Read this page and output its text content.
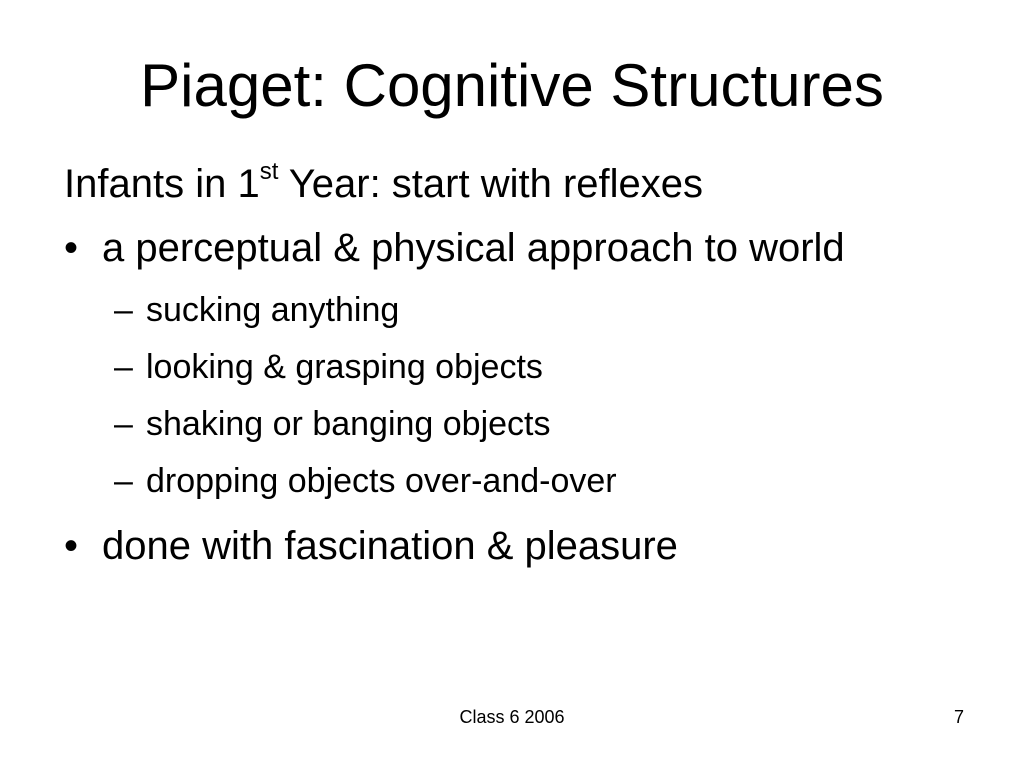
Piaget: Cognitive Structures
Infants in 1st Year: start with reflexes
• a perceptual & physical approach to world
– sucking anything
– looking & grasping objects
– shaking or banging objects
– dropping objects over-and-over
• done with fascination & pleasure
Class 6 2006	7
